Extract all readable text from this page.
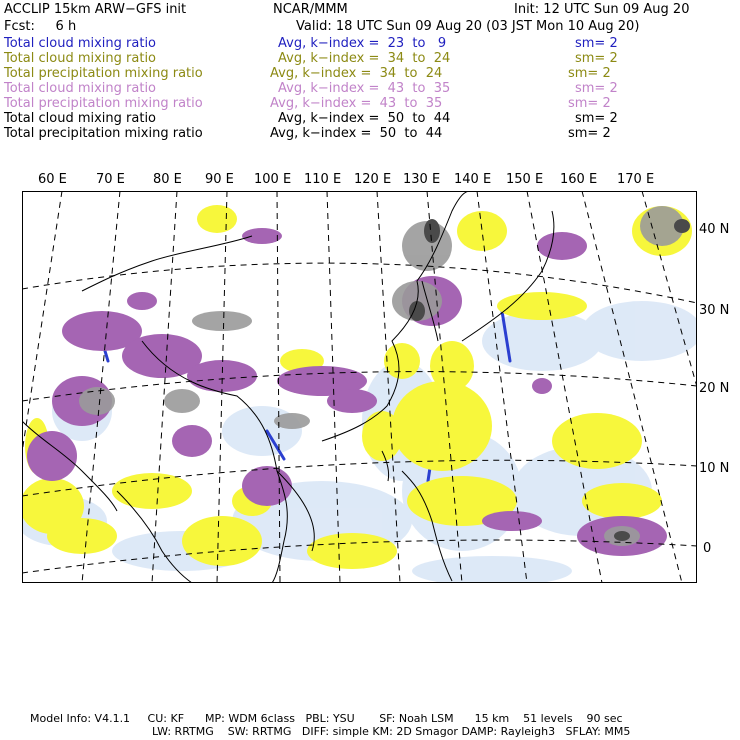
ACCLIP 15km ARW−GFS init	NCAR/MMM	Init: 12 UTC Sun 09 Aug 20
Fcst:     6 h	Valid: 18 UTC Sun 09 Aug 20 (03 JST Mon 10 Aug 20)
Total cloud mixing ratio	Avg, k−index =  23  to   9	sm= 2
Total cloud mixing ratio	Avg, k−index =  34  to  24	sm= 2
Total precipitation mixing ratio	Avg, k−index =  34  to  24	sm= 2
Total cloud mixing ratio	Avg, k−index =  43  to  35	sm= 2
Total precipitation mixing ratio	Avg, k−index =  43  to  35	sm= 2
Total cloud mixing ratio	Avg, k−index =  50  to  44	sm= 2
Total precipitation mixing ratio	Avg, k−index =  50  to  44	sm= 2
60 E 70 E 80 E 90 E 100 E 110 E 120 E 130 E 140 E 150 E 160 E 170 E
40 N
30 N
20 N
10 N
0
Model Info: V4.1.1     CU: KF      MP: WDM 6class   PBL: YSU       SF: Noah LSM      15 km    51 levels    90 sec
LW: RRTMG    SW: RRTMG   DIFF: simple KM: 2D Smagor DAMP: Rayleigh3   SFLAY: MM5
